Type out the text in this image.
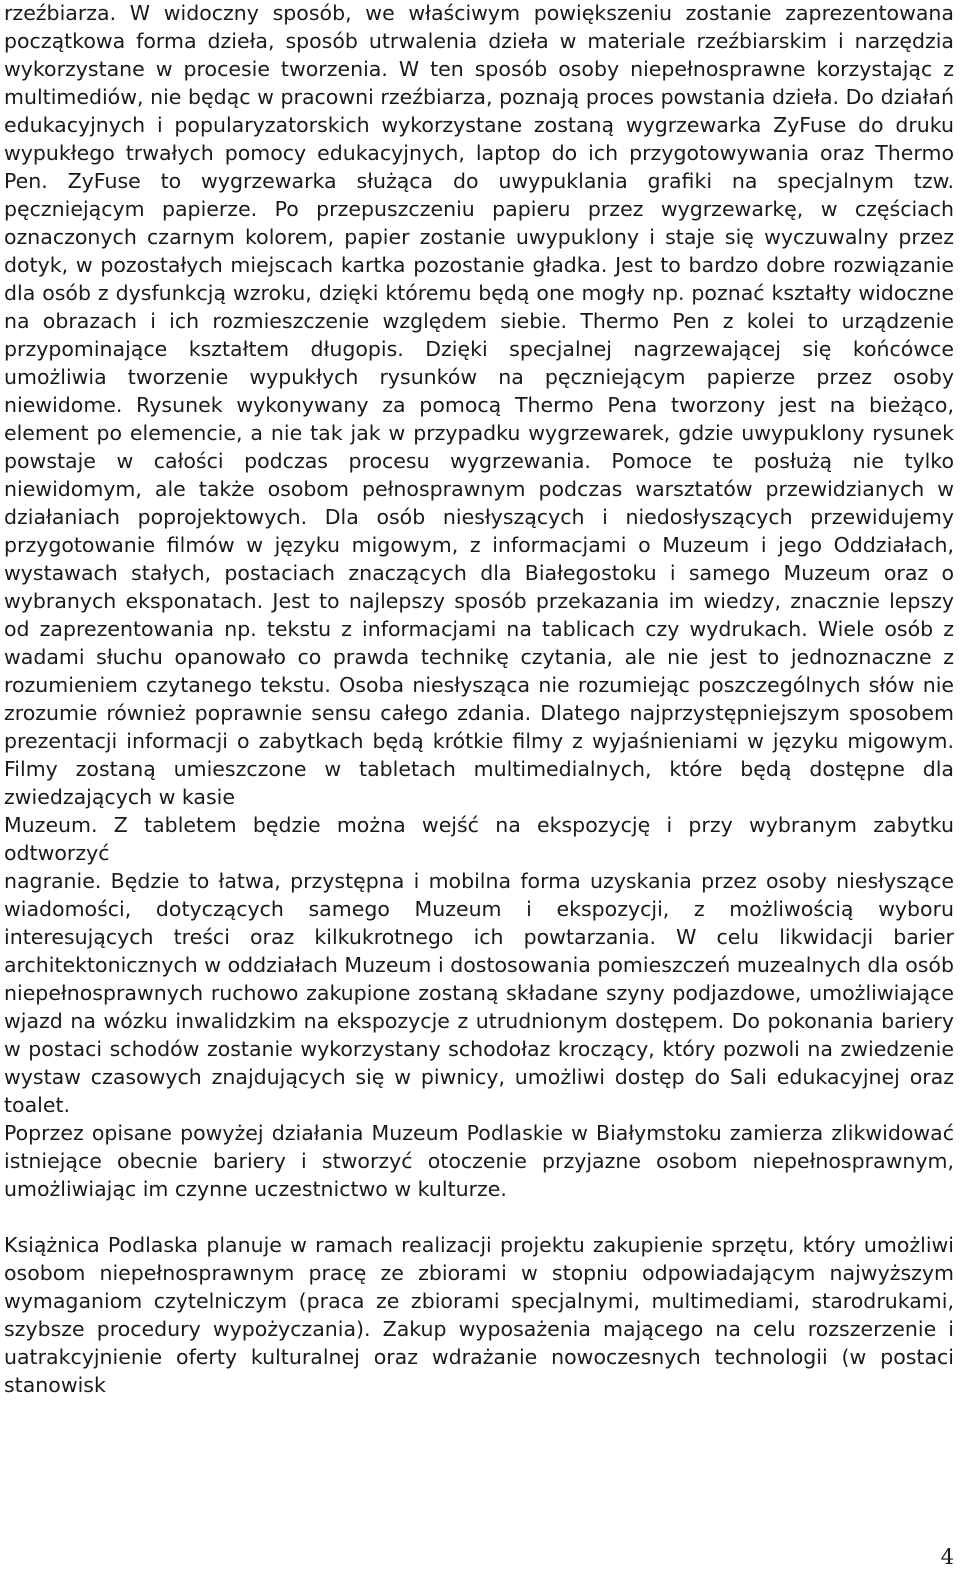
rzeźbiarza. W widoczny sposób, we właściwym powiększeniu zostanie zaprezentowana początkowa forma dzieła, sposób utrwalenia dzieła w materiale rzeźbiarskim i narzędzia wykorzystane w procesie tworzenia. W ten sposób osoby niepełnosprawne korzystając z multimediów, nie będąc w pracowni rzeźbiarza, poznają proces powstania dzieła. Do działań edukacyjnych i popularyzatorskich wykorzystane zostaną wygrzewarka ZyFuse do druku wypukłego trwałych pomocy edukacyjnych, laptop do ich przygotowywania oraz Thermo Pen. ZyFuse to wygrzewarka służąca do uwypuklania grafiki na specjalnym tzw. pęczniejącym papierze. Po przepuszczeniu papieru przez wygrzewarkę, w częściach oznaczonych czarnym kolorem, papier zostanie uwypuklony i staje się wyczuwalny przez dotyk, w pozostałych miejscach kartka pozostanie gładka. Jest to bardzo dobre rozwiązanie dla osób z dysfunkcją wzroku, dzięki któremu będą one mogły np. poznać kształty widoczne na obrazach i ich rozmieszczenie względem siebie. Thermo Pen z kolei to urządzenie przypominające kształtem długopis. Dzięki specjalnej nagrzewającej się końcówce umożliwia tworzenie wypukłych rysunków na pęczniejącym papierze przez osoby niewidome. Rysunek wykonywany za pomocą Thermo Pena tworzony jest na bieżąco, element po elemencie, a nie tak jak w przypadku wygrzewarek, gdzie uwypuklony rysunek powstaje w całości podczas procesu wygrzewania. Pomoce te posłużą nie tylko niewidomym, ale także osobom pełnosprawnym podczas warsztatów przewidzianych w działaniach poprojektowych. Dla osób niesłyszących i niedosłyszących przewidujemy przygotowanie filmów w języku migowym, z informacjami o Muzeum i jego Oddziałach, wystawach stałych, postaciach znaczących dla Białegostoku i samego Muzeum oraz o wybranych eksponatach. Jest to najlepszy sposób przekazania im wiedzy, znacznie lepszy od zaprezentowania np. tekstu z informacjami na tablicach czy wydrukach. Wiele osób z wadami słuchu opanowało co prawda technikę czytania, ale nie jest to jednoznaczne z rozumieniem czytanego tekstu. Osoba niesłysząca nie rozumiejąc poszczególnych słów nie zrozumie również poprawnie sensu całego zdania. Dlatego najprzystępniejszym sposobem prezentacji informacji o zabytkach będą krótkie filmy z wyjaśnieniami w języku migowym. Filmy zostaną umieszczone w tabletach multimedialnych, które będą dostępne dla zwiedzających w kasie

Muzeum. Z tabletem będzie można wejść na ekspozycję i przy wybranym zabytku odtworzyć

nagranie. Będzie to łatwa, przystępna i mobilna forma uzyskania przez osoby niesłyszące wiadomości, dotyczących samego Muzeum i ekspozycji, z możliwością wyboru interesujących treści oraz kilkukrotnego ich powtarzania. W celu likwidacji barier architektonicznych w oddziałach Muzeum i dostosowania pomieszczeń muzealnych dla osób niepełnosprawnych ruchowo zakupione zostaną składane szyny podjazdowe, umożliwiające wjazd na wózku inwalidzkim na ekspozycje z utrudnionym dostępem. Do pokonania bariery w postaci schodów zostanie wykorzystany schodołaz kroczący, który pozwoli na zwiedzenie wystaw czasowych znajdujących się w piwnicy, umożliwi dostęp do Sali edukacyjnej oraz toalet.

Poprzez opisane powyżej działania Muzeum Podlaskie w Białymstoku zamierza zlikwidować istniejące obecnie bariery i stworzyć otoczenie przyjazne osobom niepełnosprawnym, umożliwiając im czynne uczestnictwo w kulturze.

Książnica Podlaska planuje w ramach realizacji projektu zakupienie sprzętu, który umożliwi osobom niepełnosprawnym pracę ze zbiorami w stopniu odpowiadającym najwyższym wymaganiom czytelniczym (praca ze zbiorami specjalnymi, multimediami, starodrukami, szybsze procedury wypożyczania). Zakup wyposażenia mającego na celu rozszerzenie i uatrakcyjnienie oferty kulturalnej oraz wdrażanie nowoczesnych technologii (w postaci stanowisk

4
